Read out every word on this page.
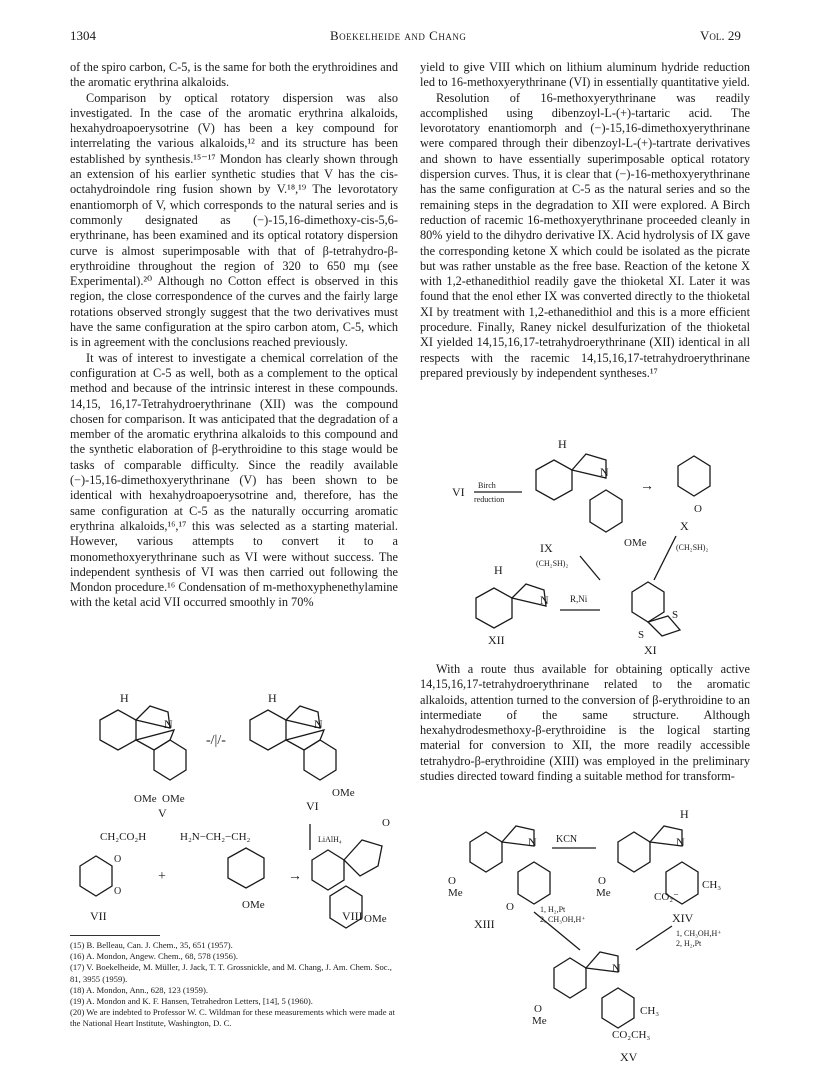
1304	Boekelheide and Chang	Vol. 29

of the spiro carbon, C-5, is the same for both the erythroidines and the aromatic erythrina alkaloids.

Comparison by optical rotatory dispersion was also investigated. In the case of the aromatic erythrina alkaloids, hexahydroapoerysotrine (V) has been a key compound for interrelating the various alkaloids,¹² and its structure has been established by synthesis.¹⁵⁻¹⁷ Mondon has clearly shown through an extension of his earlier synthetic studies that V has the cis-octahydroindole ring fusion shown by V.¹⁸,¹⁹ The levorotatory enantiomorph of V, which corresponds to the natural series and is commonly designated as (−)-15,16-dimethoxy-cis-5,6-erythrinane, has been examined and its optical rotatory dispersion curve is almost superimposable with that of β-tetrahydro-β-erythroidine throughout the region of 320 to 650 mμ (see Experimental).²⁰ Although no Cotton effect is observed in this region, the close correspondence of the curves and the fairly large rotations observed strongly suggest that the two derivatives must have the same configuration at the spiro carbon atom, C-5, which is in agreement with the conclusions reached previously.

It was of interest to investigate a chemical correlation of the configuration at C-5 as well, both as a complement to the optical method and because of the intrinsic interest in these compounds. 14,15, 16,17-Tetrahydroerythrinane (XII) was the compound chosen for comparison. It was anticipated that the degradation of a member of the aromatic erythrina alkaloids to this compound and the synthetic elaboration of β-erythroidine to this stage would be tasks of comparable difficulty. Since the readily available (−)-15,16-dimethoxyerythrinane (V) has been shown to be identical with hexahydroapoerysotrine and, therefore, has the same configuration at C-5 as the naturally occurring aromatic erythrina alkaloids,¹⁶,¹⁷ this was selected as a starting material. However, various attempts to convert it to a monomethoxyerythrinane such as VI were without success. The independent synthesis of VI was then carried out following the Mondon procedure.¹⁶ Condensation of m-methoxyphenethylamine with the ketal acid VII occurred smoothly in 70%

yield to give VIII which on lithium aluminum hydride reduction led to 16-methoxyerythrinane (VI) in essentially quantitative yield.

Resolution of 16-methoxyerythrinane was readily accomplished using dibenzoyl-L-(+)-tartaric acid. The levorotatory enantiomorph and (−)-15,16-dimethoxyerythrinane were compared through their dibenzoyl-L-(+)-tartrate derivatives and shown to have essentially superimposable optical rotatory dispersion curves. Thus, it is clear that (−)-16-methoxyerythrinane has the same configuration at C-5 as the natural series and so the remaining steps in the degradation to XII were explored. A Birch reduction of racemic 16-methoxyerythrinane proceeded cleanly in 80% yield to the dihydro derivative IX. Acid hydrolysis of IX gave the corresponding ketone X which could be isolated as the picrate but was rather unstable as the free base. Reaction of the ketone X with 1,2-ethanedithiol readily gave the thioketal XI. Later it was found that the enol ether IX was converted directly to the thioketal XI by treatment with 1,2-ethanedithiol and this is a more efficient procedure. Finally, Raney nickel desulfurization of the thioketal XI yielded 14,15,16,17-tetrahydroerythrinane (XII) identical in all respects with the racemic 14,15,16,17-tetrahydroerythrinane prepared previously by independent syntheses.¹⁷

With a route thus available for obtaining optically active 14,15,16,17-tetrahydroerythrinane related to the aromatic alkaloids, attention turned to the conversion of β-erythroidine to an intermediate of the same structure. Although hexahydrodesmethoxy-β-erythroidine is the logical starting material for conversion to XII, the more readily accessible tetrahydro-β-erythroidine (XIII) was employed in the preliminary studies directed toward finding a suitable method for transform-

H
N
OMe OMe
V
-/|/-
H
N
OMe
VI
LiAlH₄
CH₂CO₂H
O
O
VII
+
H₂N−CH₂−CH₂
OMe
→
O
OMe
VIII
VI Birch
reduction
H
N
OMe
IX
→
O
X
(CH₂SH)₂
(CH₂SH)₂
H
N
XII
R,Ni
S
S
XI
N
O
Me
O
XIII
KCN
H
N
O
Me
CH₃
CO₂⁻
XIV
1, H₂,Pt
2, CH₃OH,H⁺
1, CH₃OH,H⁺
2, H₂,Pt
N
O
Me
CH₃
CO₂CH₃
XV
(15) B. Belleau, Can. J. Chem., 35, 651 (1957).
(16) A. Mondon, Angew. Chem., 68, 578 (1956).
(17) V. Boekelheide, M. Müller, J. Jack, T. T. Grossnickle, and M. Chang, J. Am. Chem. Soc., 81, 3955 (1959).
(18) A. Mondon, Ann., 628, 123 (1959).
(19) A. Mondon and K. F. Hansen, Tetrahedron Letters, [14], 5 (1960).
(20) We are indebted to Professor W. C. Wildman for these measurements which were made at the National Heart Institute, Washington, D. C.
